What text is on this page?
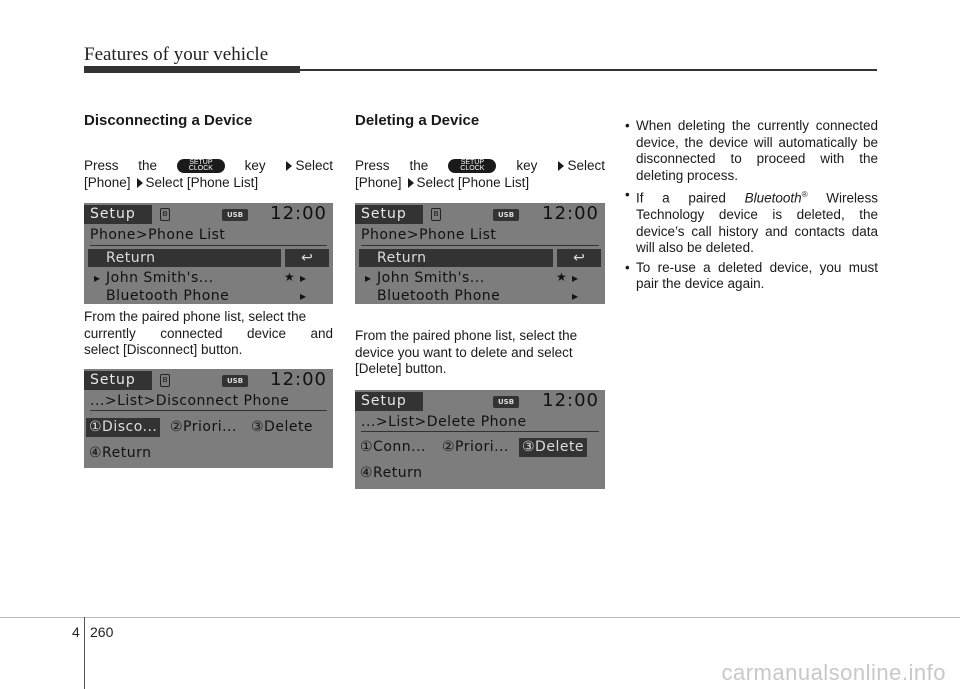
Features of your vehicle
Disconnecting a Device
Press the	SETUP
CLOCK	key	Select
[Phone]	Select [Phone List]
Setup	ʙ	USB 12:00
Phone>Phone List
Return	↩
▸ John Smith's...	★ ▸
Bluetooth Phone	▸
From the paired phone list, select the
currently connected device and
select [Disconnect] button.
Setup	ʙ	USB 12:00
...>List>Disconnect Phone
①Disco... ②Priori... ③Delete
④Return
Deleting a Device
Press the	SETUP
CLOCK	key	Select
[Phone]	Select [Phone List]
Setup	ʙ	USB 12:00
Phone>Phone List
Return	↩
▸ John Smith's...	★ ▸
Bluetooth Phone	▸
From the paired phone list, select the
device you want to delete and select
[Delete] button.
Setup	USB 12:00
...>List>Delete Phone
①Conn... ②Priori... ③Delete
④Return
• When deleting the currently connected device, the device will automatically be disconnected to proceed with the deleting process.
• If a paired Bluetooth® Wireless Technology device is deleted, the device’s call history and contacts data will also be deleted.
• To re-use a deleted device, you must pair the device again.
4 260
carmanualsonline.info
